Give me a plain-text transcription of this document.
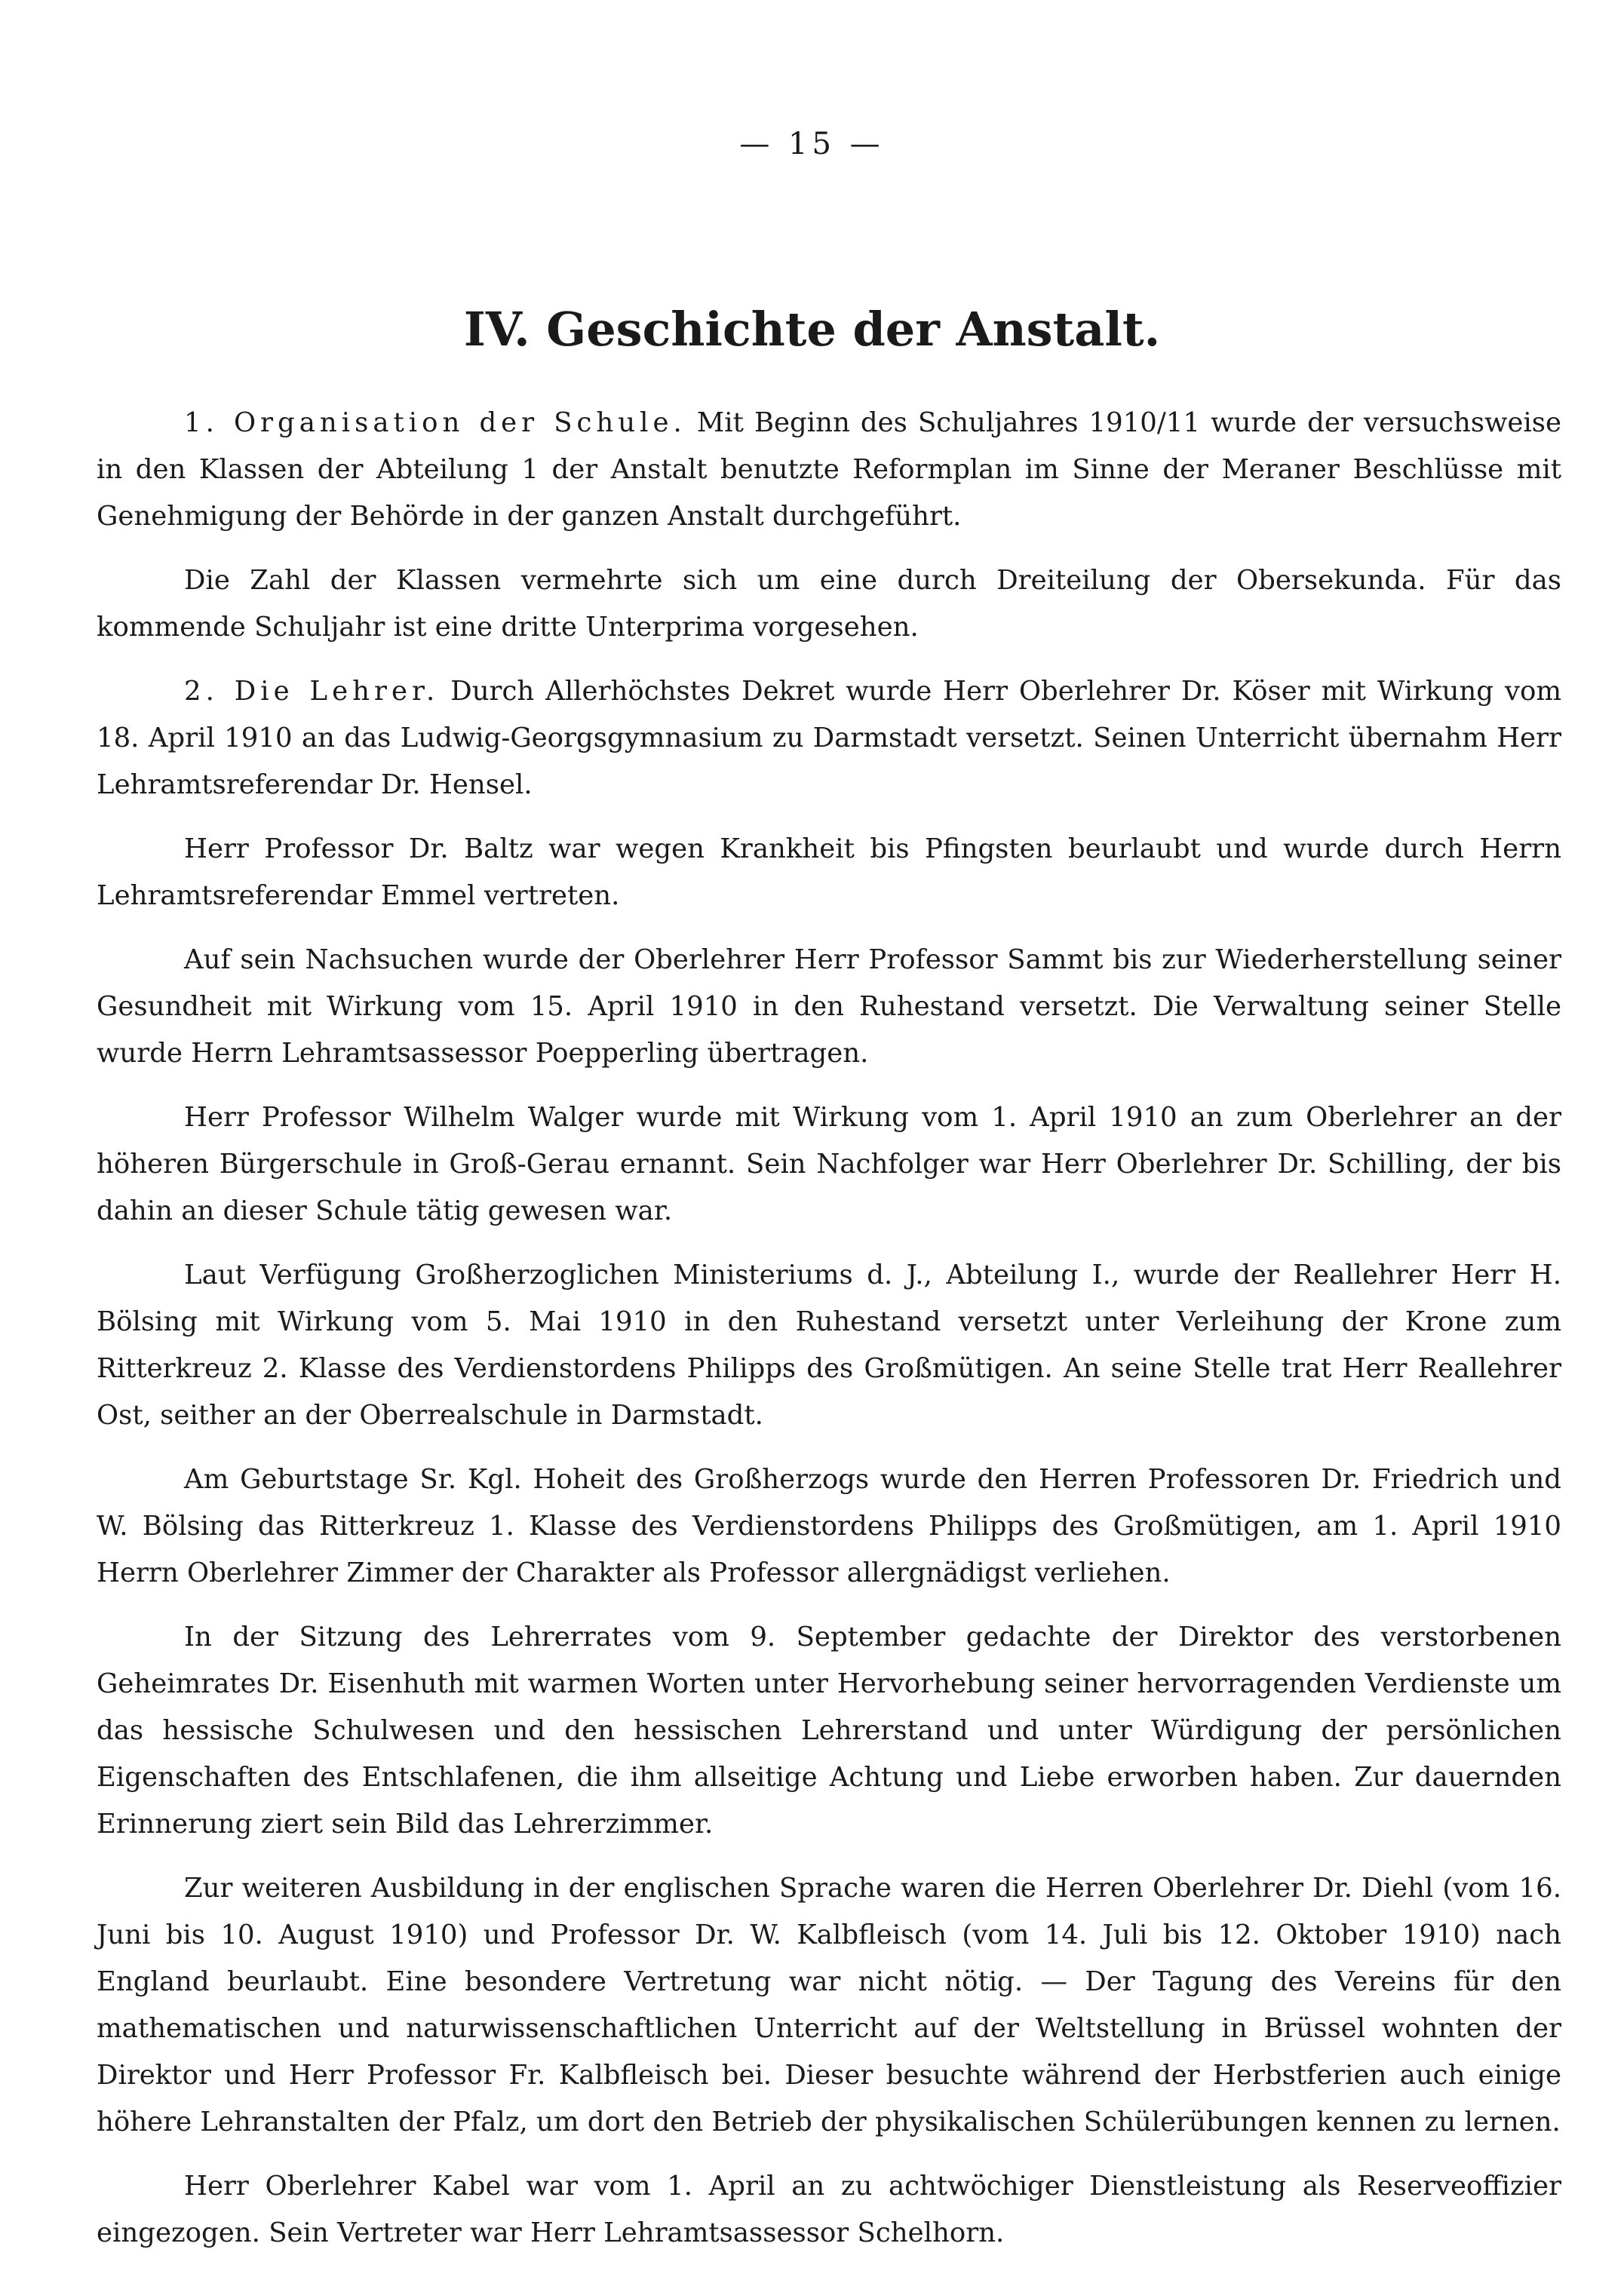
— 15 —
IV. Geschichte der Anstalt.

1. Organisation der Schule. Mit Beginn des Schuljahres 1910/11 wurde der versuchsweise in den Klassen der Abteilung 1 der Anstalt benutzte Reformplan im Sinne der Meraner Beschlüsse mit Genehmigung der Behörde in der ganzen Anstalt durchgeführt.

Die Zahl der Klassen vermehrte sich um eine durch Dreiteilung der Obersekunda. Für das kommende Schuljahr ist eine dritte Unterprima vorgesehen.

2. Die Lehrer. Durch Allerhöchstes Dekret wurde Herr Oberlehrer Dr. Köser mit Wirkung vom 18. April 1910 an das Ludwig-Georgsgymnasium zu Darmstadt versetzt. Seinen Unterricht übernahm Herr Lehramtsreferendar Dr. Hensel.

Herr Professor Dr. Baltz war wegen Krankheit bis Pfingsten beurlaubt und wurde durch Herrn Lehramtsreferendar Emmel vertreten.

Auf sein Nachsuchen wurde der Oberlehrer Herr Professor Sammt bis zur Wiederherstellung seiner Gesundheit mit Wirkung vom 15. April 1910 in den Ruhestand versetzt. Die Verwaltung seiner Stelle wurde Herrn Lehramtsassessor Poepperling übertragen.

Herr Professor Wilhelm Walger wurde mit Wirkung vom 1. April 1910 an zum Oberlehrer an der höheren Bürgerschule in Groß-Gerau ernannt. Sein Nachfolger war Herr Oberlehrer Dr. Schilling, der bis dahin an dieser Schule tätig gewesen war.

Laut Verfügung Großherzoglichen Ministeriums d. J., Abteilung I., wurde der Reallehrer Herr H. Bölsing mit Wirkung vom 5. Mai 1910 in den Ruhestand versetzt unter Verleihung der Krone zum Ritterkreuz 2. Klasse des Verdienstordens Philipps des Großmütigen. An seine Stelle trat Herr Reallehrer Ost, seither an der Oberrealschule in Darmstadt.

Am Geburtstage Sr. Kgl. Hoheit des Großherzogs wurde den Herren Professoren Dr. Friedrich und W. Bölsing das Ritterkreuz 1. Klasse des Verdienstordens Philipps des Großmütigen, am 1. April 1910 Herrn Oberlehrer Zimmer der Charakter als Professor allergnädigst verliehen.

In der Sitzung des Lehrerrates vom 9. September gedachte der Direktor des verstorbenen Geheimrates Dr. Eisenhuth mit warmen Worten unter Hervorhebung seiner hervorragenden Verdienste um das hessische Schulwesen und den hessischen Lehrerstand und unter Würdigung der persönlichen Eigenschaften des Entschlafenen, die ihm allseitige Achtung und Liebe erworben haben. Zur dauernden Erinnerung ziert sein Bild das Lehrerzimmer.

Zur weiteren Ausbildung in der englischen Sprache waren die Herren Oberlehrer Dr. Diehl (vom 16. Juni bis 10. August 1910) und Professor Dr. W. Kalbfleisch (vom 14. Juli bis 12. Oktober 1910) nach England beurlaubt. Eine besondere Vertretung war nicht nötig. — Der Tagung des Vereins für den mathematischen und naturwissenschaftlichen Unterricht auf der Weltstellung in Brüssel wohnten der Direktor und Herr Professor Fr. Kalbfleisch bei. Dieser besuchte während der Herbstferien auch einige höhere Lehranstalten der Pfalz, um dort den Betrieb der physikalischen Schülerübungen kennen zu lernen.

Herr Oberlehrer Kabel war vom 1. April an zu achtwöchiger Dienstleistung als Reserveoffizier eingezogen. Sein Vertreter war Herr Lehramtsassessor Schelhorn.
